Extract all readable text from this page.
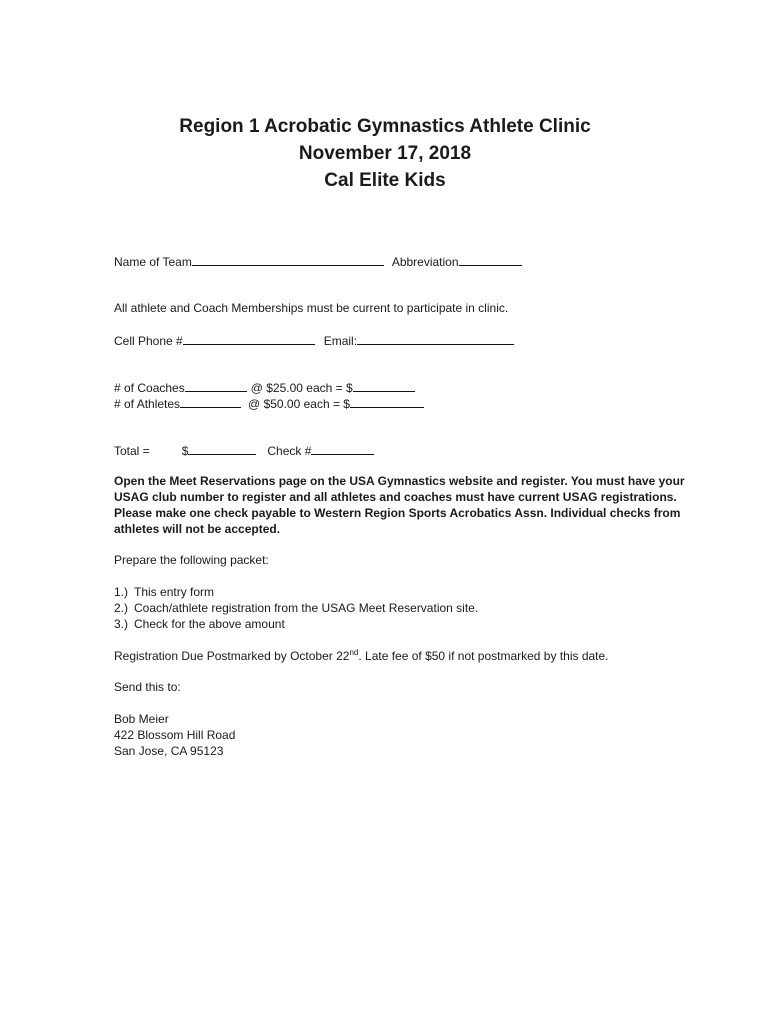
Region 1 Acrobatic Gymnastics Athlete Clinic
November 17, 2018
Cal Elite Kids
Name of Team	Abbreviation
All athlete and Coach Memberships must be current to participate in clinic.
Cell Phone #	Email:
# of Coaches	@ $25.00 each = $
# of Athletes	@ $50.00 each = $
Total =	$	Check #

Open the Meet Reservations page on the USA Gymnastics website and register. You must have your

USAG club number to register and all athletes and coaches must have current USAG registrations.

Please make one check payable to Western Region Sports Acrobatics Assn. Individual checks from

athletes will not be accepted.

Prepare the following packet:
1.) This entry form
2.) Coach/athlete registration from the USAG Meet Reservation site.
3.) Check for the above amount
Registration Due Postmarked by October 22nd. Late fee of $50 if not postmarked by this date.
Send this to:
Bob Meier
422 Blossom Hill Road
San Jose, CA 95123
